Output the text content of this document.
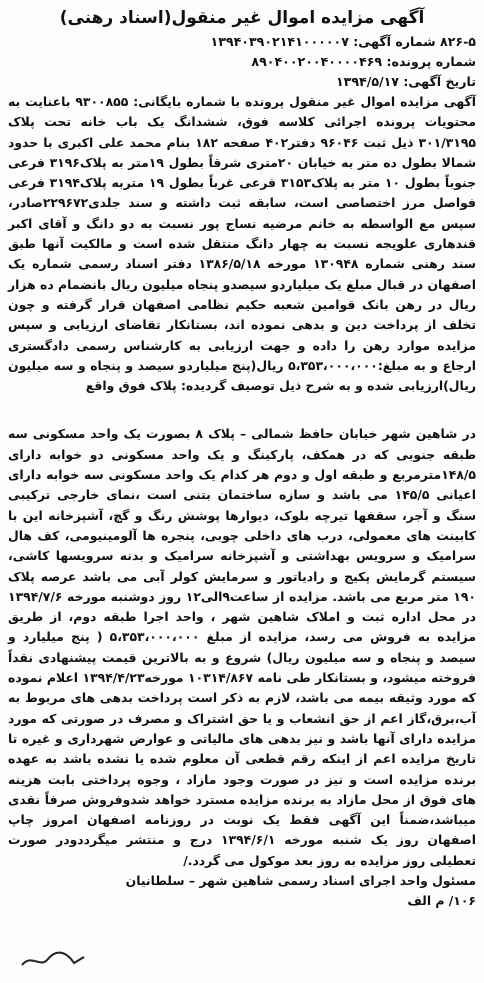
آگهی مزایده اموال غیر منقول(اسناد رهنی)
۸۲۶-۵ شماره آگهی: ۱۳۹۴۰۳۹۰۲۱۴۱۰۰۰۰۰۷
شماره پرونده: ۸۹۰۴۰۰۲۰۰۴۰۰۰۰۴۶۹
تاریخ آگهی: ۱۳۹۴/۵/۱۷

آگهی مزایده اموال غیر منقول پرونده با شماره بایگانی: ۹۳۰۰۸۵۵ باعنایت به محتویات پرونده اجرائی کلاسه فوق، ششدانگ یک باب خانه تحت پلاک ۳۰۱/۳۱۹۵ ذیل ثبت ۹۶۰۴۶ دفتر۴۰۲ صفحه ۱۸۲ بنام محمد علی اکبری با حدود شمالا بطول ده متر به خیابان ۲۰متری شرقاً بطول ۱۹متر به پلاک۳۱۹۶ فرعی جنوباً بطول ۱۰ متر به پلاک۳۱۵۳ فرعی غرباً بطول ۱۹ متربه پلاک۳۱۹۴ فرعی فواصل مرز اختصاصی است، سابقه ثبت داشته و سند جلدی۲۲۹۶۷۲صادر، سپس مع الواسطه به خانم مرضیه نساج پور نسبت به دو دانگ و آقای اکبر قندهاری علویجه نسبت به چهار دانگ منتقل شده است و مالکیت آنها طبق سند رهنی شماره ۱۳۰۹۴۸ مورخه ۱۳۸۶/۵/۱۸ دفتر اسناد رسمی شماره یک اصفهان در قبال مبلغ یک میلیاردو سیصدو پنجاه میلیون ریال بانضمام ده هزار ریال در رهن بانک قوامین شعبه حکیم نظامی اصفهان قرار گرفته و چون تخلف از پرداخت دین و بدهی نموده اند، بستانکار تقاضای ارزیابی و سپس مزایده موارد رهن را داده و جهت ارزیابی به کارشناس رسمی دادگستری ارجاع و به مبلغ:۵،۳۵۳،۰۰۰،۰۰۰ ریال(پنج میلیاردو سیصد و پنجاه و سه میلیون ریال)ارزیابی شده و به شرح ذیل توصیف گردیده: پلاک فوق واقع

در شاهین شهر خیابان حافظ شمالی – پلاک ۸ بصورت یک واحد مسکونی سه طبقه جنوبی که در همکف، پارکینگ و یک واحد مسکونی دو خوابه دارای ۱۴۸/۵مترمربع و طبقه اول و دوم هر کدام یک واحد مسکونی سه خوابه دارای اعیانی ۱۴۵/۵ می باشد و سازه ساختمان بتنی است ،نمای خارجی ترکیبی سنگ و آجر، سقفها تیرچه بلوک، دیوارها پوشش رنگ و گچ، آشپزخانه این با کابینت های معمولی، درب های داخلی چوبی، پنجره ها آلومینیومی، کف هال سرامیک و سرویس بهداشتی و آشپزخانه سرامیک و بدنه سرویسها کاشی، سیستم گرمایش پکیج و رادیاتور و سرمایش کولر آبی می باشد عرصه پلاک ۱۹۰ متر مربع می باشد. مزایده از ساعت۹الی۱۲ روز دوشنبه مورخه ۱۳۹۴/۷/۶ در محل اداره ثبت و املاک شاهین شهر ، واحد اجرا طبقه دوم، از طریق مزایده به فروش می رسد، مزایده از مبلغ ۵،۳۵۳،۰۰۰،۰۰۰ ( پنج میلیارد و سیصد و پنجاه و سه میلیون ریال) شروع و به بالاترین قیمت پیشنهادی نقداً فروخته میشود، و بستانکار طی نامه ۱۰۳۱۴/۸۶۷ مورخه۱۳۹۴/۴/۲۳ اعلام نموده که مورد وثیقه بیمه می باشد، لازم به ذکر است پرداخت بدهی های مربوط به آب،برق،گاز اعم از حق انشعاب و یا حق اشتراک و مصرف در صورتی که مورد مزایده دارای آنها باشد و نیز بدهی های مالیاتی و عوارض شهرداری و غیره تا تاریخ مزایده اعم از اینکه رقم قطعی آن معلوم شده یا نشده باشد به عهده برنده مزایده است و نیز در صورت وجود مازاد ، وجوه پرداختی بابت هزینه های فوق از محل مازاد به برنده مزایده مسترد خواهد شدوفروش صرفاً نقدی میباشد،ضمناً این آگهی فقط یک نوبت در روزنامه اصفهان امروز چاپ اصفهان روز یک شنبه مورخه ۱۳۹۴/۶/۱ درج و منتشر میگرددودر صورت تعطیلی روز مزایده به روز بعد موکول می گردد./

مسئول واحد اجرای اسناد رسمی شاهین شهر – سلطانیان
۱۰۶/ م الف
